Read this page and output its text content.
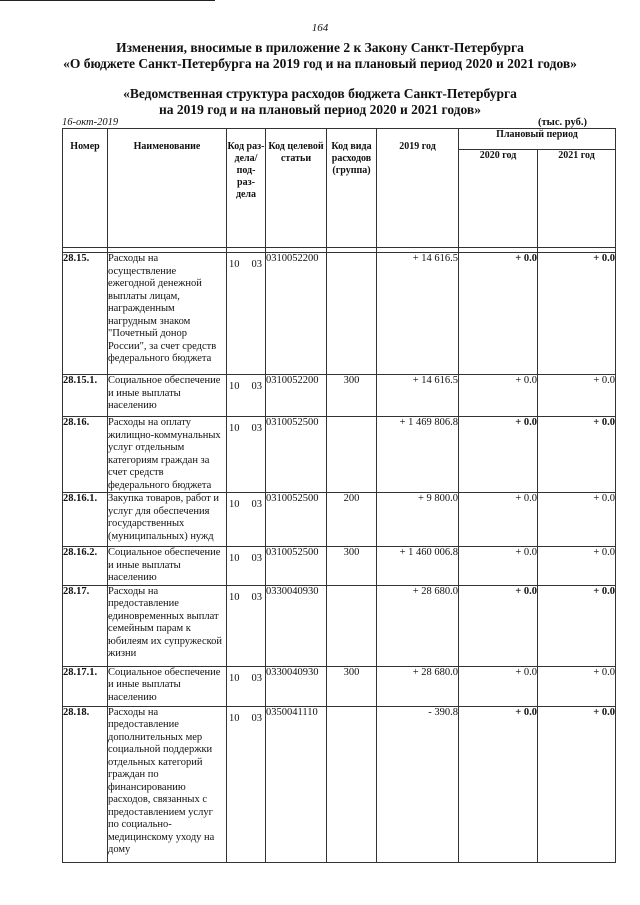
164
Изменения, вносимые в приложение 2 к Закону Санкт-Петербурга
«О бюджете Санкт-Петербурга на 2019 год и на плановый период 2020 и 2021 годов»
«Ведомственная структура расходов бюджета Санкт-Петербурга
на 2019 год и на плановый период 2020 и 2021 годов»
16-окт-2019	(тыс. руб.)
Номер	Наименование	Код раз- дела/ под- раз- дела	Код целевой статьи	Код вида расходов (группа)	2019 год	Плановый период	
						2020 год	2021 год

28.15.	Расходы на осуществление ежегодной денежной выплаты лицам, награжденным нагрудным знаком "Почетный донор России", за счет средств федерального бюджета	10 03	0310052200		+ 14 616.5	+ 0.0	+ 0.0
28.15.1.	Социальное обеспечение и иные выплаты населению	10 03	0310052200	300	+ 14 616.5	+ 0.0	+ 0.0
28.16.	Расходы на оплату жилищно-коммунальных услуг отдельным категориям граждан за счет средств федерального бюджета	10 03	0310052500		+ 1 469 806.8	+ 0.0	+ 0.0
28.16.1.	Закупка товаров, работ и услуг для обеспечения государственных (муниципальных) нужд	10 03	0310052500	200	+ 9 800.0	+ 0.0	+ 0.0
28.16.2.	Социальное обеспечение и иные выплаты населению	10 03	0310052500	300	+ 1 460 006.8	+ 0.0	+ 0.0
28.17.	Расходы на предоставление единовременных выплат семейным парам к юбилеям их супружеской жизни	10 03	0330040930		+ 28 680.0	+ 0.0	+ 0.0
28.17.1.	Социальное обеспечение и иные выплаты населению	10 03	0330040930	300	+ 28 680.0	+ 0.0	+ 0.0
28.18.	Расходы на предоставление дополнительных мер социальной поддержки отдельных категорий граждан по финансированию расходов, связанных с предоставлением услуг по социально-медицинскому уходу на дому	10 03	0350041110		- 390.8	+ 0.0	+ 0.0
